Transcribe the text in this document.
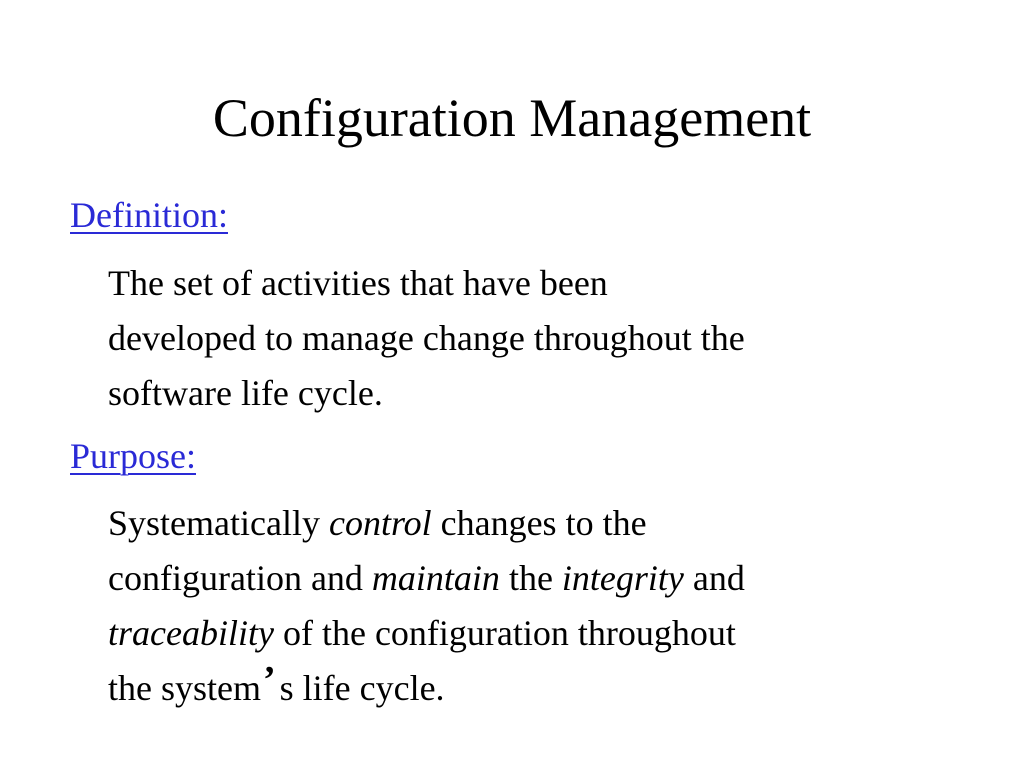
Configuration Management
Definition:

The set of activities that have been
developed to manage change throughout the
software life cycle.

Purpose:

Systematically control changes to the
configuration and maintain the integrity and
traceability of the configuration throughout
the system’ s life cycle.
